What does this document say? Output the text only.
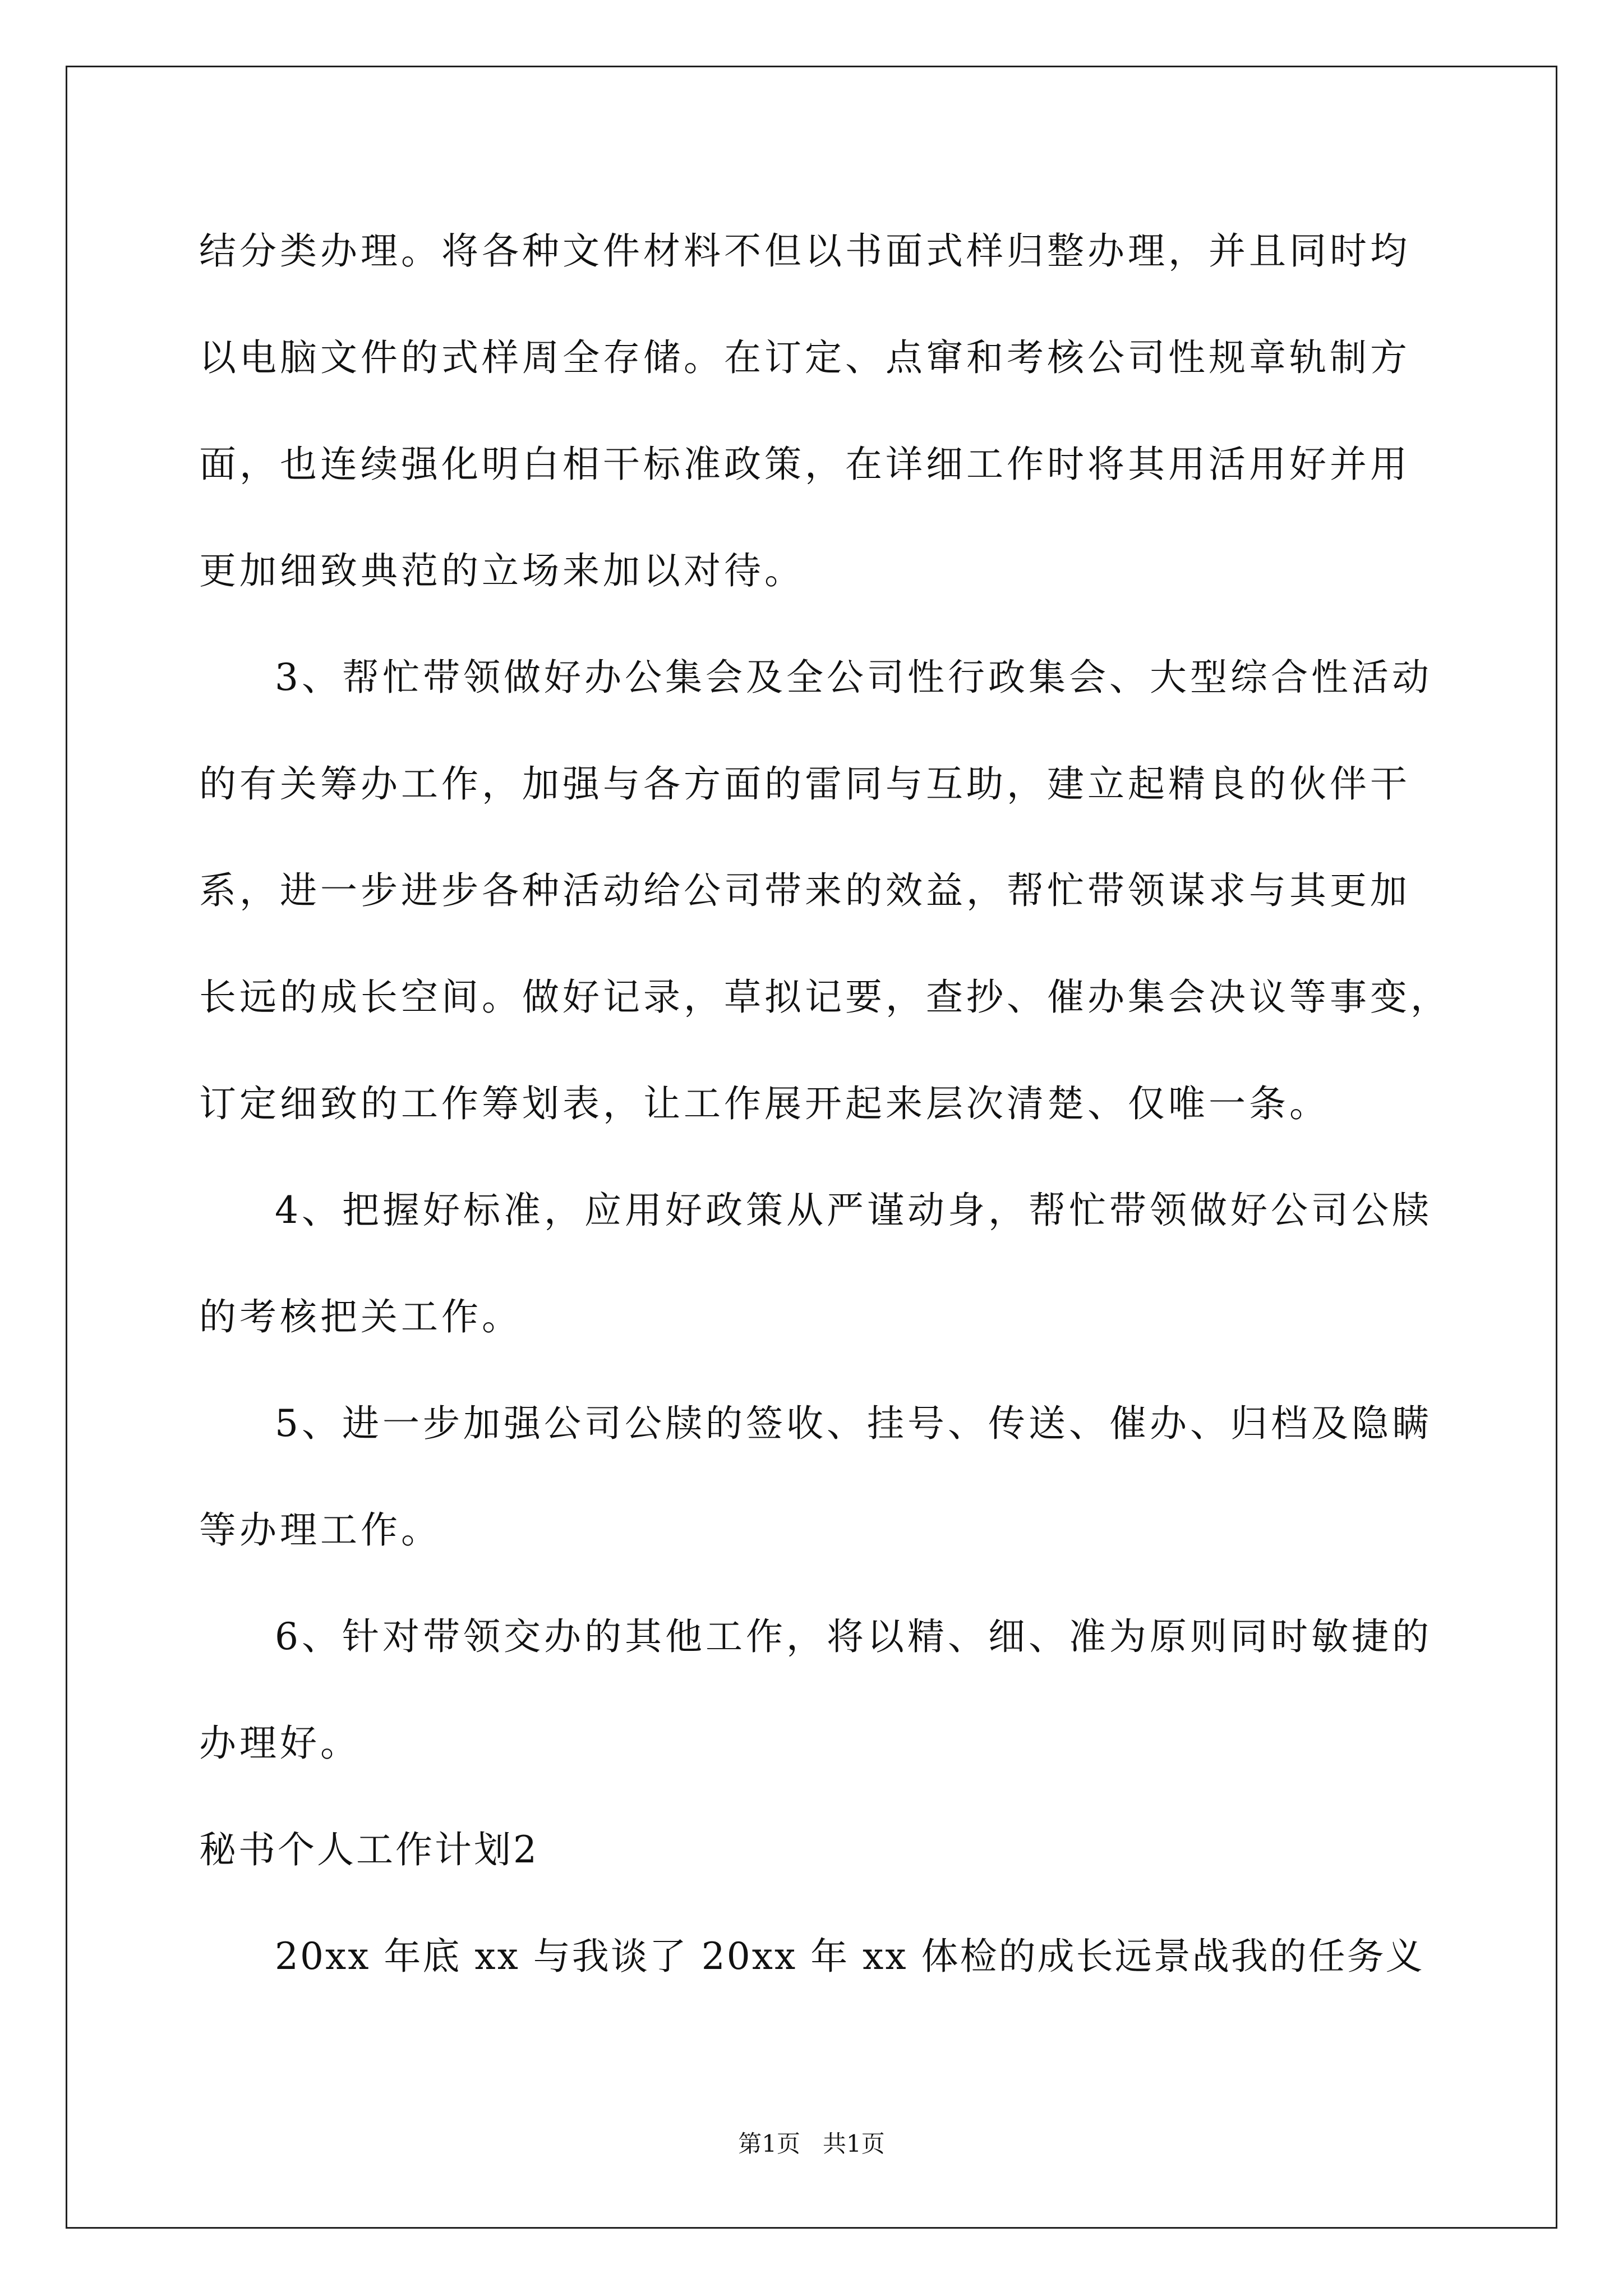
结分类办理。将各种文件材料不但以书面式样归整办理，并且同时均
以电脑文件的式样周全存储。在订定、点窜和考核公司性规章轨制方
面，也连续强化明白相干标准政策，在详细工作时将其用活用好并用
更加细致典范的立场来加以对待。
3、帮忙带领做好办公集会及全公司性行政集会、大型综合性活动
的有关筹办工作，加强与各方面的雷同与互助，建立起精良的伙伴干
系，进一步进步各种活动给公司带来的效益，帮忙带领谋求与其更加
长远的成长空间。做好记录，草拟记要，查抄、催办集会决议等事变，
订定细致的工作筹划表，让工作展开起来层次清楚、仅唯一条。
4、把握好标准，应用好政策从严谨动身，帮忙带领做好公司公牍
的考核把关工作。
5、进一步加强公司公牍的签收、挂号、传送、催办、归档及隐瞒
等办理工作。
6、针对带领交办的其他工作，将以精、细、准为原则同时敏捷的
办理好。
秘书个人工作计划2
20xx 年底 xx 与我谈了 20xx 年 xx 体检的成长远景战我的任务义
第1页   共1页
